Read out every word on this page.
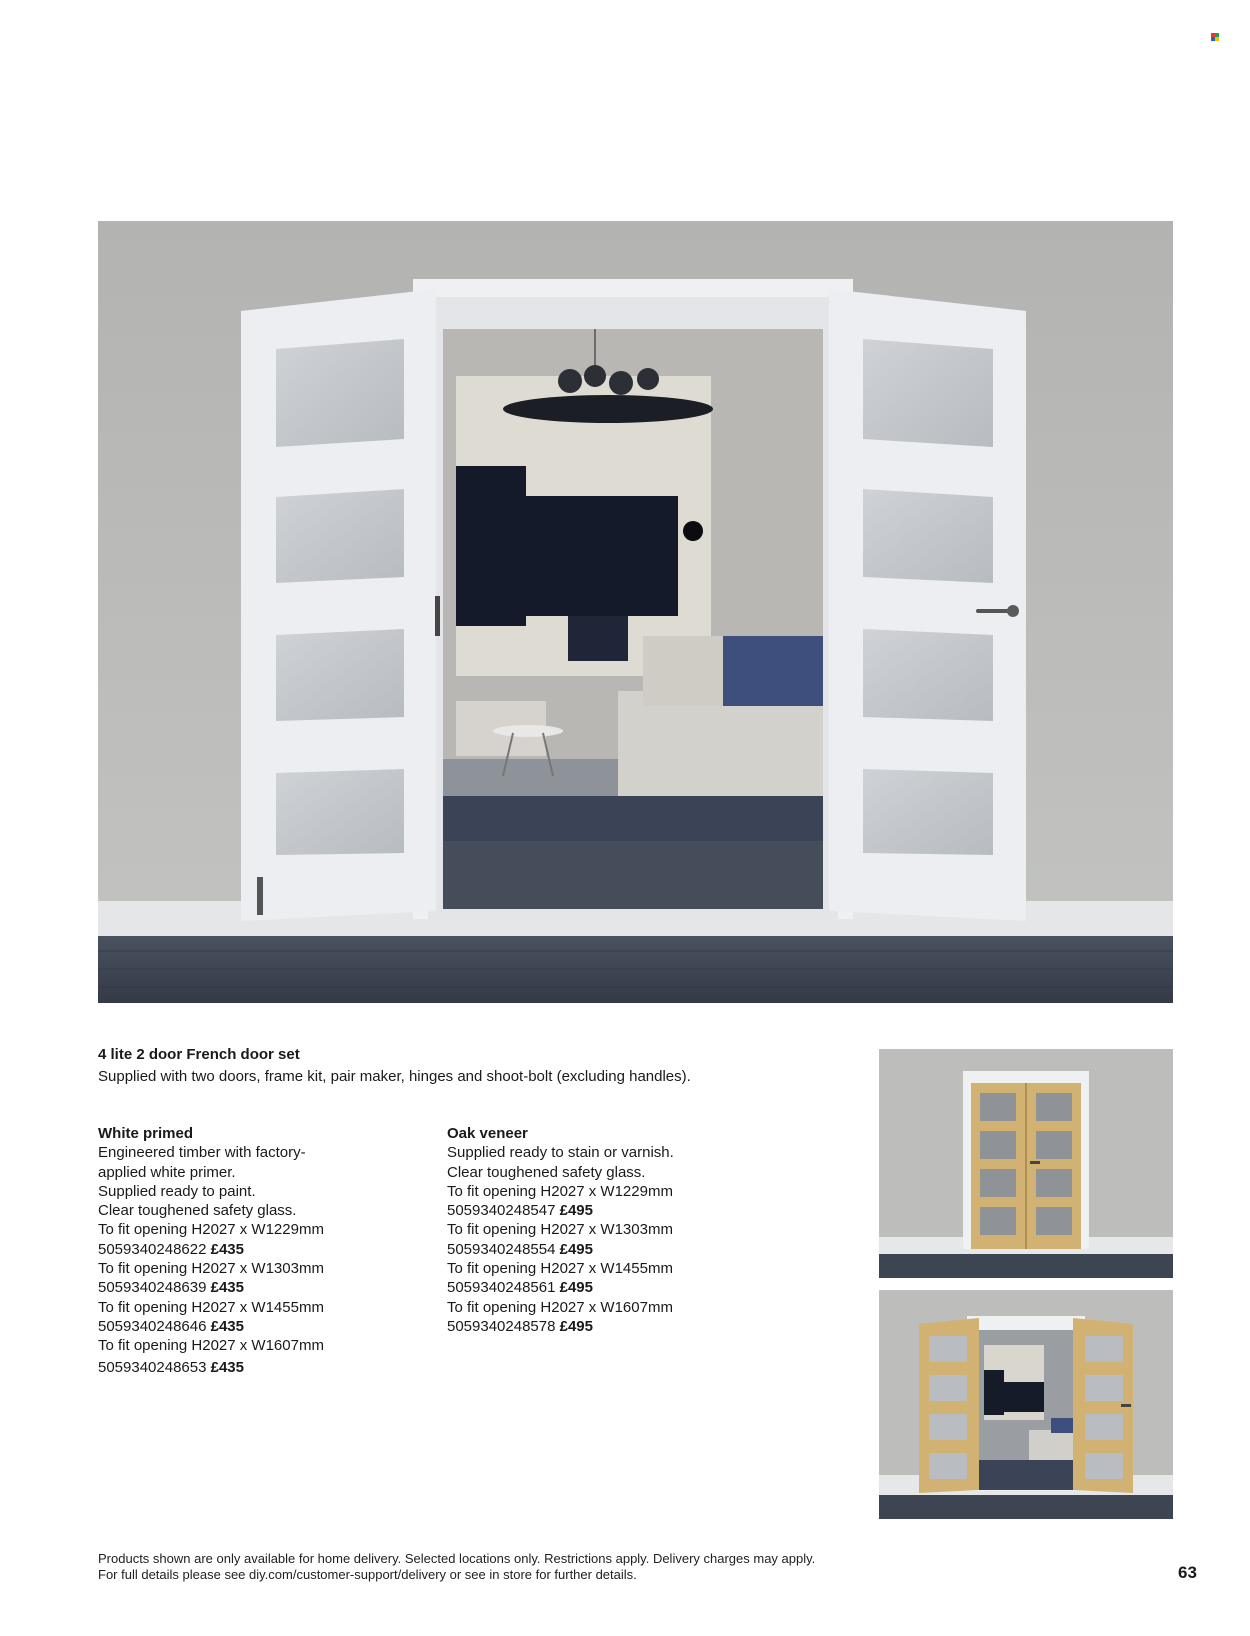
4 lite 2 door French door set
Supplied with two doors, frame kit, pair maker, hinges and shoot-bolt (excluding handles).
White primed
Engineered timber with factory-
applied white primer.
Supplied ready to paint.
Clear toughened safety glass.
To fit opening H2027 x W1229mm
5059340248622 £435
To fit opening H2027 x W1303mm
5059340248639 £435
To fit opening H2027 x W1455mm
5059340248646 £435
To fit opening H2027 x W1607mm
5059340248653 £435
Oak veneer
Supplied ready to stain or varnish.
Clear toughened safety glass.
To fit opening H2027 x W1229mm
5059340248547 £495
To fit opening H2027 x W1303mm
5059340248554 £495
To fit opening H2027 x W1455mm
5059340248561 £495
To fit opening H2027 x W1607mm
5059340248578 £495
Products shown are only available for home delivery. Selected locations only. Restrictions apply. Delivery charges may apply.
For full details please see diy.com/customer-support/delivery or see in store for further details.	63
